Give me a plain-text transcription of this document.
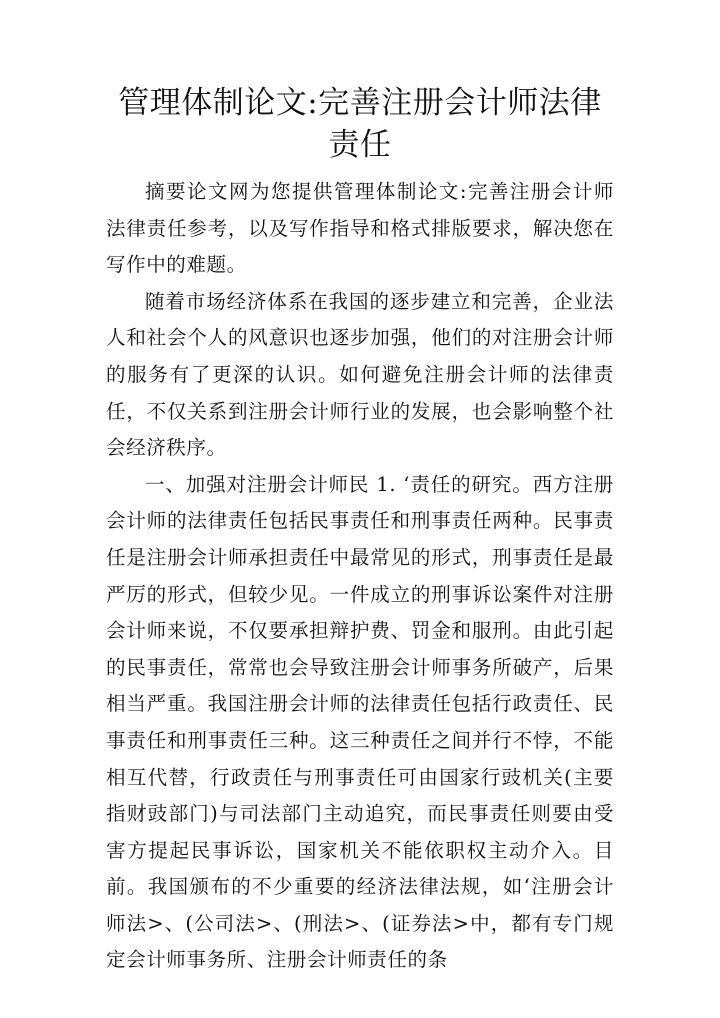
管理体制论文:完善注册会计师法律责任

摘要论文网为您提供管理体制论文:完善注册会计师法律责任参考，以及写作指导和格式排版要求，解决您在写作中的难题。

随着市场经济体系在我国的逐步建立和完善，企业法人和社会个人的风意识也逐步加强，他们的对注册会计师的服务有了更深的认识。如何避免注册会计师的法律责任，不仅关系到注册会计师行业的发展，也会影响整个社会经济秩序。

一、加强对注册会计师民 1. ‘责任的研究。西方注册会计师的法律责任包括民事责任和刑事责任两种。民事责任是注册会计师承担责任中最常见的形式，刑事责任是最严厉的形式，但较少见。一件成立的刑事诉讼案件对注册会计师来说，不仅要承担辩护费、罚金和服刑。由此引起的民事责任，常常也会导致注册会计师事务所破产，后果相当严重。我国注册会计师的法律责任包括行政责任、民事责任和刑事责任三种。这三种责任之间并行不悖，不能相互代替，行政责任与刑事责任可由国家行豉机关(主要指财豉部门)与司法部门主动追究，而民事责任则要由受害方提起民事诉讼，国家机关不能依职权主动介入。目前。我国颁布的不少重要的经济法律法规，如‘注册会计师法>、(公司法>、(刑法>、(证券法>中，都有专门规定会计师事务所、注册会计师责任的条
